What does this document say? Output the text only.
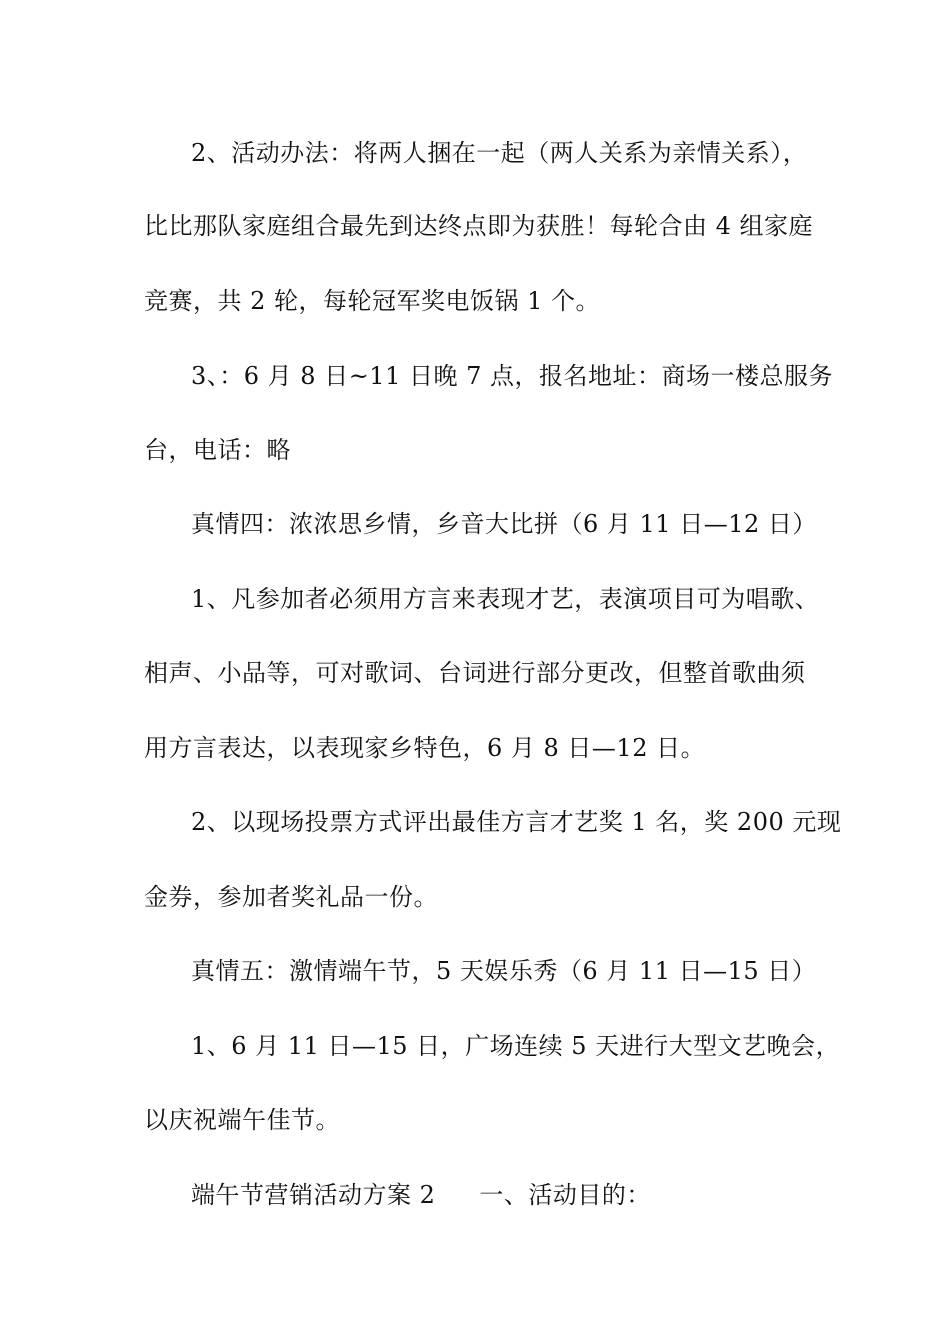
2、活动办法：将两人捆在一起（两人关系为亲情关系），
比比那队家庭组合最先到达终点即为获胜！每轮合由 4 组家庭
竞赛，共 2 轮，每轮冠军奖电饭锅 1 个。
3、：6 月 8 日~11 日晚 7 点，报名地址：商场一楼总服务
台，电话：略
真情四：浓浓思乡情，乡音大比拼（6 月 11 日—12 日）
1、凡参加者必须用方言来表现才艺，表演项目可为唱歌、
相声、小品等，可对歌词、台词进行部分更改，但整首歌曲须
用方言表达，以表现家乡特色，6 月 8 日—12 日。
2、以现场投票方式评出最佳方言才艺奖 1 名，奖 200 元现
金券，参加者奖礼品一份。
真情五：激情端午节，5 天娱乐秀（6 月 11 日—15 日）
1、6 月 11 日—15 日，广场连续 5 天进行大型文艺晚会，
以庆祝端午佳节。
端午节营销活动方案 2 一、活动目的：
